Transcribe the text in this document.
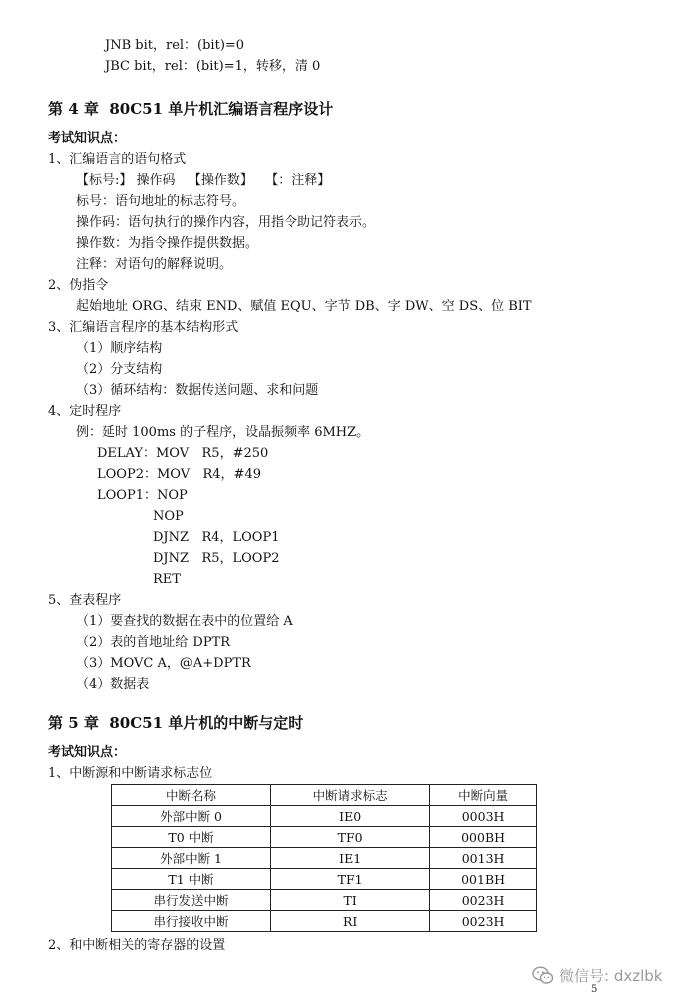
JNB bit，rel：(bit)=0
JBC bit，rel：(bit)=1，转移，清 0
第 4 章  80C51 单片机汇编语言程序设计
考试知识点：
1、汇编语言的语句格式
【标号:】 操作码   【操作数】   【：注释】
标号：语句地址的标志符号。
操作码：语句执行的操作内容，用指令助记符表示。
操作数：为指令操作提供数据。
注释：对语句的解释说明。
2、伪指令
起始地址 ORG、结束 END、赋值 EQU、字节 DB、字 DW、空 DS、位 BIT
3、汇编语言程序的基本结构形式
（1）顺序结构
（2）分支结构
（3）循环结构：数据传送问题、求和问题
4、定时程序
例：延时 100ms 的子程序，设晶振频率 6MHZ。
DELAY：MOV   R5，#250
LOOP2：MOV   R4，#49
LOOP1：NOP
NOP
DJNZ   R4，LOOP1
DJNZ   R5，LOOP2
RET
5、查表程序
（1）要查找的数据在表中的位置给 A
（2）表的首地址给 DPTR
（3）MOVC A，@A+DPTR
（4）数据表
第 5 章  80C51 单片机的中断与定时
考试知识点：
1、中断源和中断请求标志位
中断名称	中断请求标志	中断向量
外部中断 0	IE0	0003H
T0 中断	TF0	000BH
外部中断 1	IE1	0013H
T1 中断	TF1	001BH
串行发送中断	TI	0023H
串行接收中断	RI	0023H
2、和中断相关的寄存器的设置
微信号: dxzlbk
5
